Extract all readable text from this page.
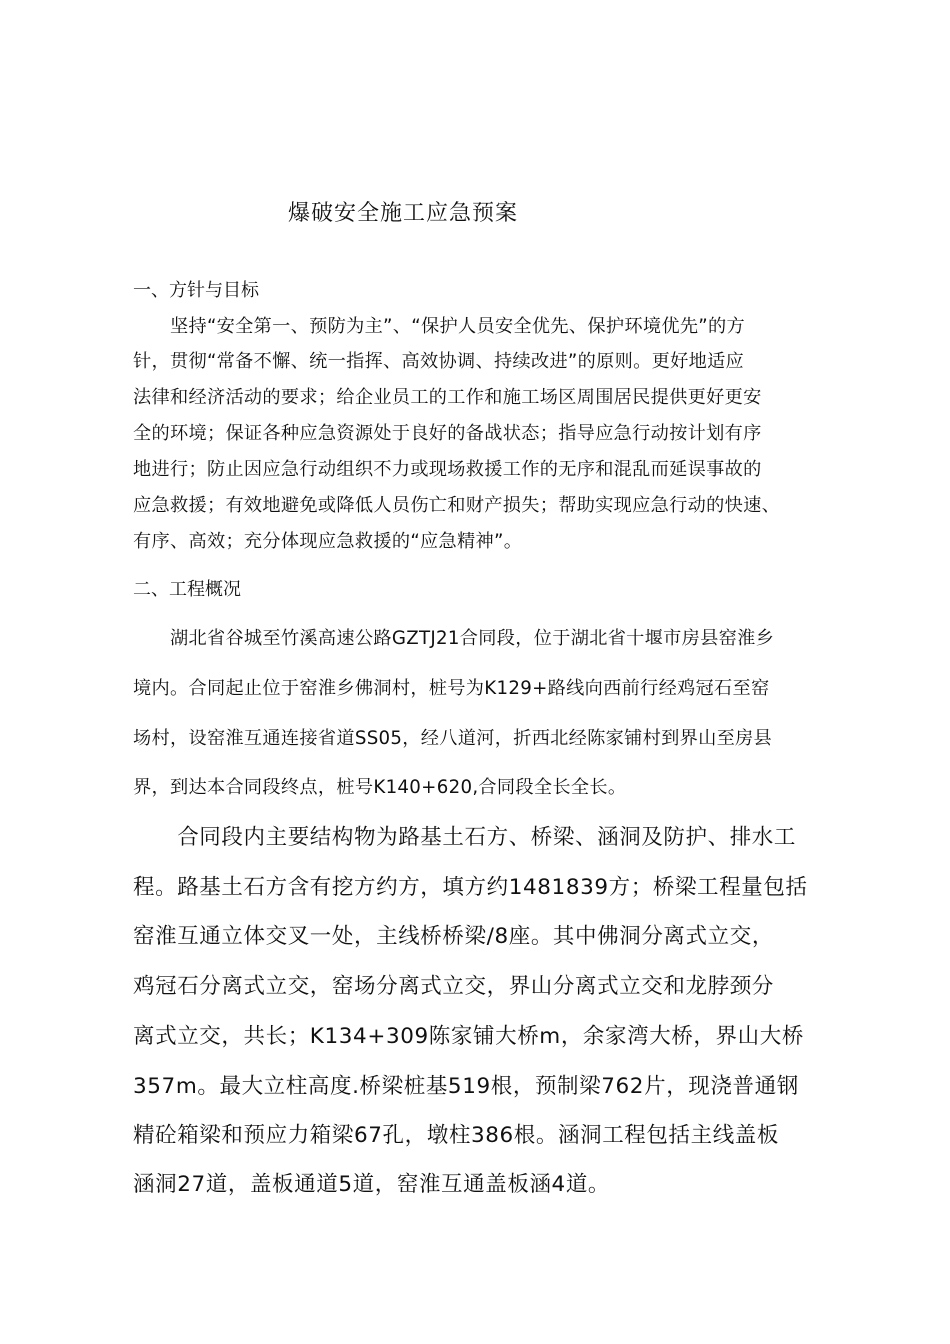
爆破安全施工应急预案
一、方针与目标
　　坚持“安全第一、预防为主”、“保护人员安全优先、保护环境优先”的方
针，贯彻“常备不懈、统一指挥、高效协调、持续改进”的原则。更好地适应
法律和经济活动的要求；给企业员工的工作和施工场区周围居民提供更好更安
全的环境；保证各种应急资源处于良好的备战状态；指导应急行动按计划有序
地进行；防止因应急行动组织不力或现场救援工作的无序和混乱而延误事故的
应急救援；有效地避免或降低人员伤亡和财产损失；帮助实现应急行动的快速、
有序、高效；充分体现应急救援的“应急精神”。
二、工程概况
　　湖北省谷城至竹溪高速公路GZTJ21合同段，位于湖北省十堰市房县窑淮乡
境内。合同起止位于窑淮乡佛洞村，桩号为K129+路线向西前行经鸡冠石至窑
场村，设窑淮互通连接省道SS05，经八道河，折西北经陈家铺村到界山至房县
界，到达本合同段终点，桩号K140+620,合同段全长全长。
　　合同段内主要结构物为路基土石方、桥梁、涵洞及防护、排水工
程。路基土石方含有挖方约方，填方约1481839方；桥梁工程量包括
窑淮互通立体交叉一处，主线桥桥梁/8座。其中佛洞分离式立交，
鸡冠石分离式立交，窑场分离式立交，界山分离式立交和龙脖颈分
离式立交，共长；K134+309陈家铺大桥m，余家湾大桥，界山大桥
357m。最大立柱高度.桥梁桩基519根，预制梁762片，现浇普通钢
精砼箱梁和预应力箱梁67孔，墩柱386根。涵洞工程包括主线盖板
涵洞27道，盖板通道5道，窑淮互通盖板涵4道。
